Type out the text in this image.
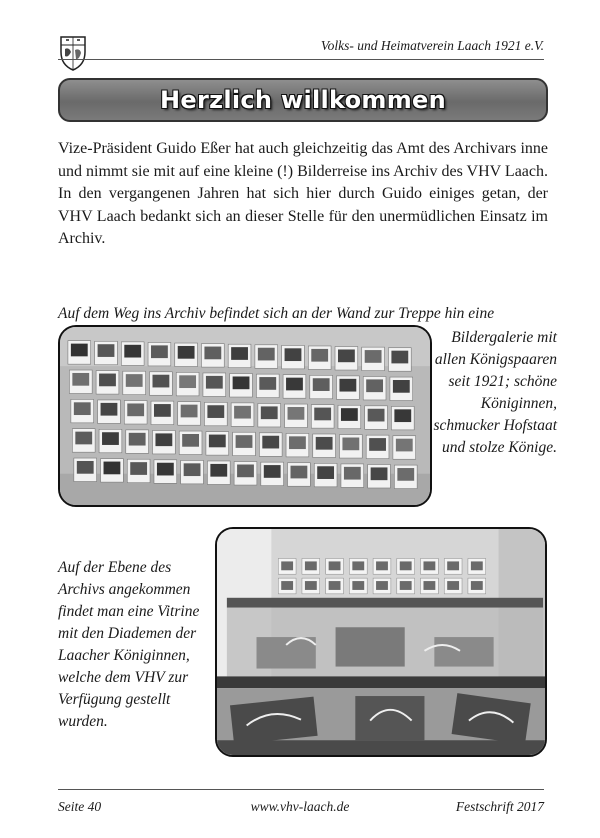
Volks- und Heimatverein Laach 1921 e.V.
Herzlich willkommen

Vize-Präsident Guido Eßer hat auch gleichzeitig das Amt des Archivars inne und nimmt sie mit auf eine kleine (!) Bilderreise ins Archiv des VHV Laach. In den vergangenen Jahren hat sich hier durch Guido einiges getan, der VHV Laach bedankt sich an dieser Stelle für den unermüdlichen Einsatz im Archiv.

Auf dem Weg ins Archiv befindet sich an der Wand zur Treppe hin eine

Bildergalerie mit allen Königspaaren seit 1921; schöne Königinnen, schmucker Hofstaat und stolze Könige.

Auf der Ebene des Archivs angekommen findet man eine Vitrine mit den Diademen der Laacher Königinnen, welche dem VHV zur Verfügung gestellt wurden.

Seite 40	www.vhv-laach.de	Festschrift 2017
